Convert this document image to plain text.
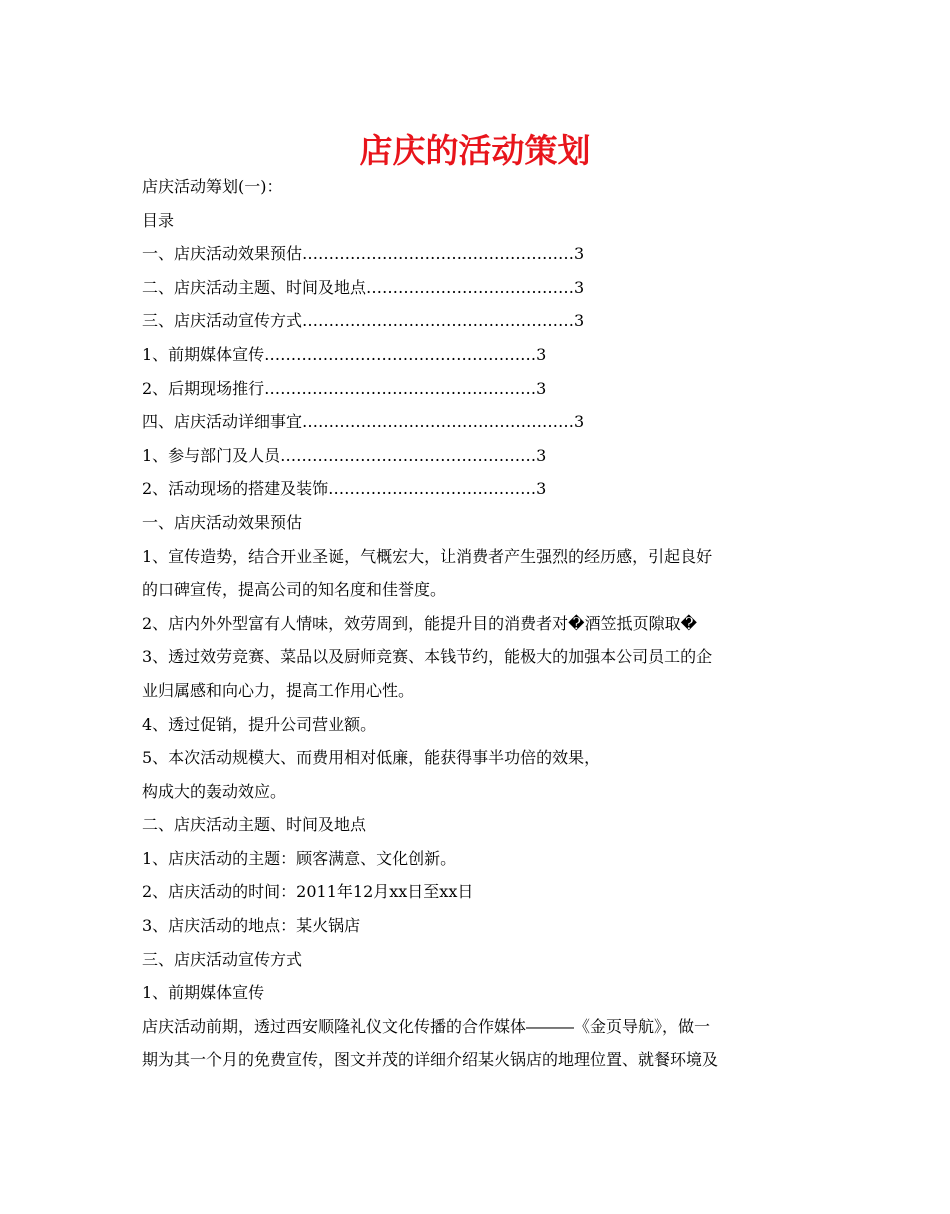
店庆的活动策划
店庆活动筹划(一)：
目录
一、店庆活动效果预估……………………………………………3
二、店庆活动主题、时间及地点…………………………………3
三、店庆活动宣传方式……………………………………………3
1、前期媒体宣传……………………………………………3
2、后期现场推行……………………………………………3
四、店庆活动详细事宜……………………………………………3
1、参与部门及人员…………………………………………3
2、活动现场的搭建及装饰…………………………………3
一、店庆活动效果预估
1、宣传造势，结合开业圣诞，气概宏大，让消费者产生强烈的经历感，引起良好
的口碑宣传，提高公司的知名度和佳誉度。
2、店内外外型富有人情味，效劳周到，能提升目的消费者对�酒笠抵页隙取�
3、透过效劳竞赛、菜品以及厨师竞赛、本钱节约，能极大的加强本公司员工的企
业归属感和向心力，提高工作用心性。
4、透过促销，提升公司营业额。
5、本次活动规模大、而费用相对低廉，能获得事半功倍的效果，
构成大的轰动效应。
二、店庆活动主题、时间及地点
1、店庆活动的主题：顾客满意、文化创新。
2、店庆活动的时间：2011年12月xx日至xx日
3、店庆活动的地点：某火锅店
三、店庆活动宣传方式
1、前期媒体宣传
店庆活动前期，透过西安顺隆礼仪文化传播的合作媒体―――《金页导航》，做一
期为其一个月的免费宣传，图文并茂的详细介绍某火锅店的地理位置、就餐环境及
